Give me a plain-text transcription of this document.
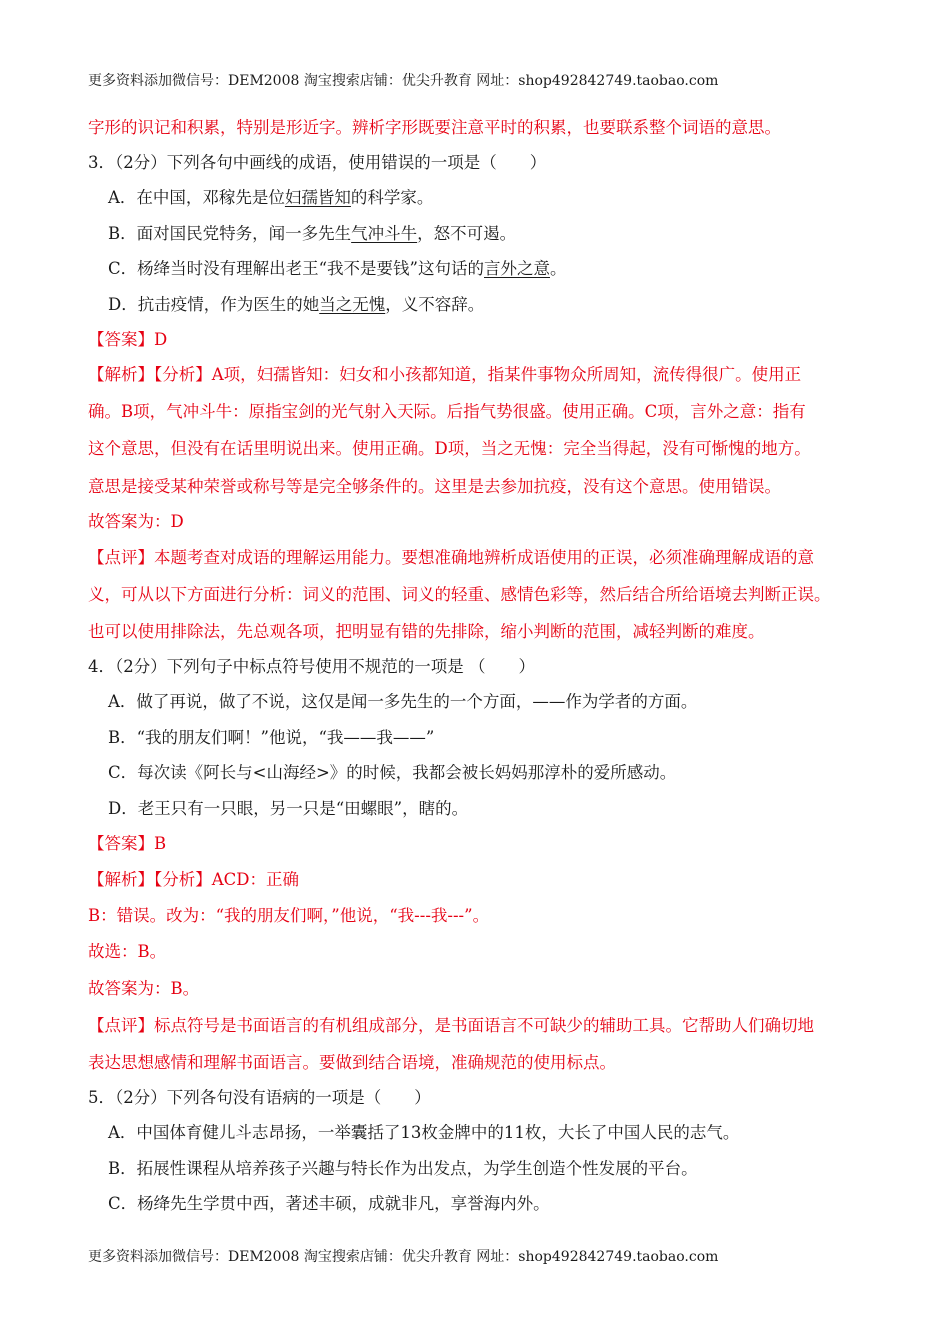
更多资料添加微信号：DEM2008 淘宝搜索店铺：优尖升教育 网址：shop492842749.taobao.com
字形的识记和积累，特别是形近字。辨析字形既要注意平时的积累，也要联系整个词语的意思。
3．（2分）下列各句中画线的成语，使用错误的一项是（　　）
A．在中国，邓稼先是位妇孺皆知的科学家。
B．面对国民党特务，闻一多先生气冲斗牛，怒不可遏。
C．杨绛当时没有理解出老王“我不是要钱”这句话的言外之意。
D．抗击疫情，作为医生的她当之无愧，义不容辞。
【答案】D
【解析】【分析】A项，妇孺皆知：妇女和小孩都知道，指某件事物众所周知，流传得很广。使用正
确。B项，气冲斗牛：原指宝剑的光气射入天际。后指气势很盛。使用正确。C项，言外之意：指有
这个意思，但没有在话里明说出来。使用正确。D项，当之无愧：完全当得起，没有可惭愧的地方。
意思是接受某种荣誉或称号等是完全够条件的。这里是去参加抗疫，没有这个意思。使用错误。
故答案为：D
【点评】本题考查对成语的理解运用能力。要想准确地辨析成语使用的正误，必须准确理解成语的意
义，可从以下方面进行分析：词义的范围、词义的轻重、感情色彩等，然后结合所给语境去判断正误。
也可以使用排除法，先总观各项，把明显有错的先排除，缩小判断的范围，减轻判断的难度。
4．（2分）下列句子中标点符号使用不规范的一项是 （　　）
A．做了再说，做了不说，这仅是闻一多先生的一个方面，——作为学者的方面。
B．“我的朋友们啊！”他说，“我——我——”
C．每次读《阿长与<山海经>》的时候，我都会被长妈妈那淳朴的爱所感动。
D．老王只有一只眼，另一只是“田螺眼”，瞎的。
【答案】B
【解析】【分析】ACD：正确
B：错误。改为：“我的朋友们啊，”他说，“我---我---”。
故选：B。
故答案为：B。
【点评】标点符号是书面语言的有机组成部分，是书面语言不可缺少的辅助工具。它帮助人们确切地
表达思想感情和理解书面语言。要做到结合语境，准确规范的使用标点。
5．（2分）下列各句没有语病的一项是（　　）
A．中国体育健儿斗志昂扬，一举囊括了13枚金牌中的11枚，大长了中国人民的志气。
B．拓展性课程从培养孩子兴趣与特长作为出发点，为学生创造个性发展的平台。
C．杨绛先生学贯中西，著述丰硕，成就非凡，享誉海内外。
更多资料添加微信号：DEM2008 淘宝搜索店铺：优尖升教育 网址：shop492842749.taobao.com
